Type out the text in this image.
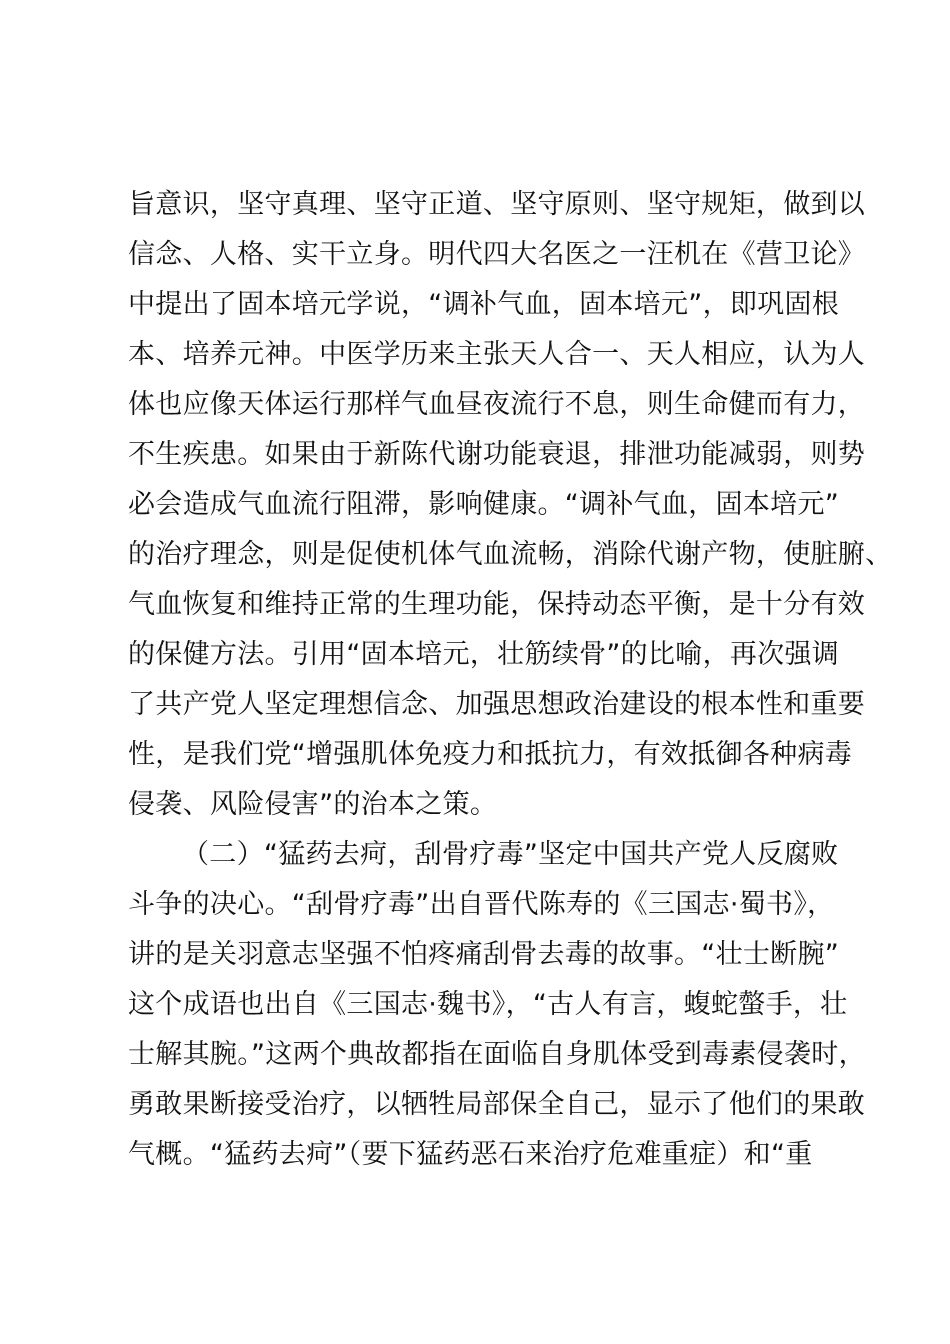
旨意识，坚守真理、坚守正道、坚守原则、坚守规矩，做到以
信念、人格、实干立身。明代四大名医之一汪机在《营卫论》
中提出了固本培元学说，“调补气血，固本培元”，即巩固根
本、培养元神。中医学历来主张天人合一、天人相应，认为人
体也应像天体运行那样气血昼夜流行不息，则生命健而有力，
不生疾患。如果由于新陈代谢功能衰退，排泄功能减弱，则势
必会造成气血流行阻滞，影响健康。“调补气血，固本培元”
的治疗理念，则是促使机体气血流畅，消除代谢产物，使脏腑、
气血恢复和维持正常的生理功能，保持动态平衡，是十分有效
的保健方法。引用“固本培元，壮筋续骨”的比喻，再次强调
了共产党人坚定理想信念、加强思想政治建设的根本性和重要
性，是我们党“增强肌体免疫力和抵抗力，有效抵御各种病毒
侵袭、风险侵害”的治本之策。
（二）“猛药去疴，刮骨疗毒”坚定中国共产党人反腐败
斗争的决心。“刮骨疗毒”出自晋代陈寿的《三国志·蜀书》，
讲的是关羽意志坚强不怕疼痛刮骨去毒的故事。“壮士断腕”
这个成语也出自《三国志·魏书》，“古人有言，蝮蛇螫手，壮
士解其腕。”这两个典故都指在面临自身肌体受到毒素侵袭时，
勇敢果断接受治疗，以牺牲局部保全自己，显示了他们的果敢
气概。“猛药去疴”（要下猛药恶石来治疗危难重症）和“重
